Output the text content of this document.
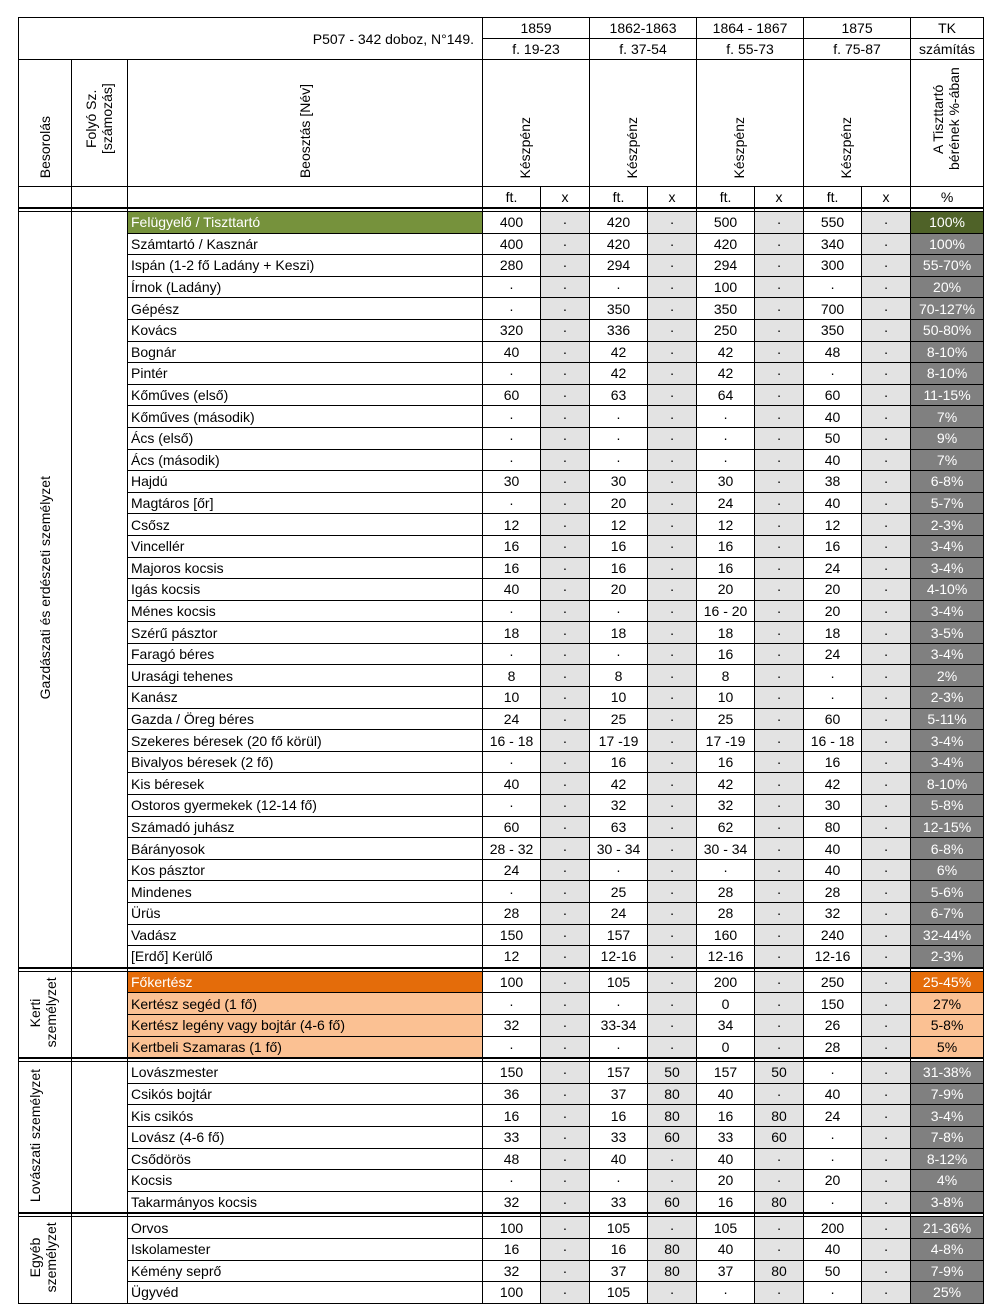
P507 - 342 doboz, N°149.			1859		1862-1863		1864 - 1867		1875		TK
			f. 19-23		f. 37-54		f. 55-73		f. 75-87		számítás
Besorolás	Folyó Sz. [számozás]	Beosztás [Név]	Készpénz		Készpénz		Készpénz		Készpénz		A Tiszttartó bérének %-ában
			ft.	x	ft.	x	ft.	x	ft.	x	%

Gazdászati és erdészeti személyzet		Felügyelő / Tiszttartó	400	·	420	·	500	·	550	·	100%
		Számtartó / Kasznár	400	·	420	·	420	·	340	·	100%
		Ispán (1-2 fő Ladány + Keszi)	280	·	294	·	294	·	300	·	55-70%
		Írnok (Ladány)	·	·	·	·	100	·	·	·	20%
		Gépész	·	·	350	·	350	·	700	·	70-127%
		Kovács	320	·	336	·	250	·	350	·	50-80%
		Bognár	40	·	42	·	42	·	48	·	8-10%
		Pintér	·	·	42	·	42	·	·	·	8-10%
		Kőműves (első)	60	·	63	·	64	·	60	·	11-15%
		Kőműves (második)	·	·	·	·	·	·	40	·	7%
		Ács (első)	·	·	·	·	·	·	50	·	9%
		Ács (második)	·	·	·	·	·	·	40	·	7%
		Hajdú	30	·	30	·	30	·	38	·	6-8%
		Magtáros [őr]	·	·	20	·	24	·	40	·	5-7%
		Csősz	12	·	12	·	12	·	12	·	2-3%
		Vincellér	16	·	16	·	16	·	16	·	3-4%
		Majoros kocsis	16	·	16	·	16	·	24	·	3-4%
		Igás kocsis	40	·	20	·	20	·	20	·	4-10%
		Ménes kocsis	·	·	·	·	16 - 20	·	20	·	3-4%
		Szérű pásztor	18	·	18	·	18	·	18	·	3-5%
		Faragó béres	·	·	·	·	16	·	24	·	3-4%
		Urasági tehenes	8	·	8	·	8	·	·	·	2%
		Kanász	10	·	10	·	10	·	·	·	2-3%
		Gazda / Öreg béres	24	·	25	·	25	·	60	·	5-11%
		Szekeres béresek (20 fő körül)	16 - 18	·	17 -19	·	17 -19	·	16 - 18	·	3-4%
		Bivalyos béresek (2 fő)	·	·	16	·	16	·	16	·	3-4%
		Kis béresek	40	·	42	·	42	·	42	·	8-10%
		Ostoros gyermekek (12-14 fő)	·	·	32	·	32	·	30	·	5-8%
		Számadó juhász	60	·	63	·	62	·	80	·	12-15%
		Bárányosok	28 - 32	·	30 - 34	·	30 - 34	·	40	·	6-8%
		Kos pásztor	24	·	·	·	·	·	40	·	6%
		Mindenes	·	·	25	·	28	·	28	·	5-6%
		Ürüs	28	·	24	·	28	·	32	·	6-7%
		Vadász	150	·	157	·	160	·	240	·	32-44%
		[Erdő] Kerülő	12	·	12-16	·	12-16	·	12-16	·	2-3%

Kerti személyzet		Főkertész	100	·	105	·	200	·	250	·	25-45%
		Kertész segéd (1 fő)	·	·	·	·	0	·	150	·	27%
		Kertész legény vagy bojtár (4-6 fő)	32	·	33-34	·	34	·	26	·	5-8%
		Kertbeli Szamaras (1 fő)	·	·	·	·	0	·	28	·	5%

Lovászati személyzet		Lovászmester	150	·	157	50	157	50	·	·	31-38%
		Csikós bojtár	36	·	37	80	40	·	40	·	7-9%
		Kis csikós	16	·	16	80	16	80	24	·	3-4%
		Lovász (4-6 fő)	33	·	33	60	33	60	·	·	7-8%
		Csődörös	48	·	40	·	40	·	·	·	8-12%
		Kocsis	·	·	·	·	20	·	20	·	4%
		Takarmányos kocsis	32	·	33	60	16	80	·	·	3-8%

Egyéb személyzet		Orvos	100	·	105	·	105	·	200	·	21-36%
		Iskolamester	16	·	16	80	40	·	40	·	4-8%
		Kémény seprő	32	·	37	80	37	80	50	·	7-9%
		Ügyvéd	100	·	105	·	·	·	·	·	25%
